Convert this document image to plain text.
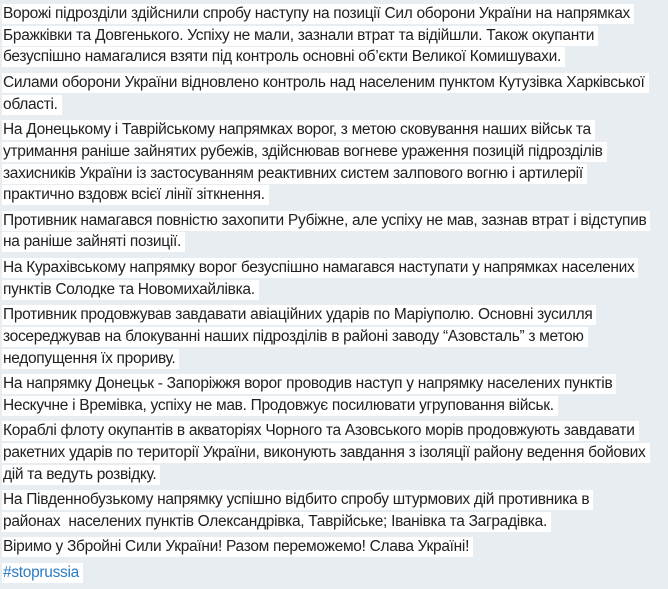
Ворожі підрозділи здійснили спробу наступу на позиції Сил оборони України на напрямках
Бражківки та Довгенького. Успіху не мали, зазнали втрат та відійшли. Також окупанти
безуспішно намагалися взяти під контроль основні об’єкти Великої Комишувахи.

Силами оборони України відновлено контроль над населеним пунктом Кутузівка Харківської
області.

На Донецькому і Таврійському напрямках ворог, з метою сковування наших військ та
утримання раніше зайнятих рубежів, здійснював вогневе ураження позицій підрозділів
захисників України із застосуванням реактивних систем залпового вогню і артилерії
практично вздовж всієї лінії зіткнення.

Противник намагався повністю захопити Рубіжне, але успіху не мав, зазнав втрат і відступив
на раніше зайняті позиції.

На Курахівському напрямку ворог безуспішно намагався наступати у напрямках населених
пунктів Солодке та Новомихайлівка.

Противник продовжував завдавати авіаційних ударів по Маріуполю. Основні зусилля
зосереджував на блокуванні наших підрозділів в районі заводу “Азовсталь” з метою
недопущення їх прориву.

На напрямку Донецьк - Запоріжжя ворог проводив наступ у напрямку населених пунктів
Нескучне і Времівка, успіху не мав. Продовжує посилювати угруповання військ.

Кораблі флоту окупантів в акваторіях Чорного та Азовського морів продовжують завдавати
ракетних ударів по території України, виконують завдання з ізоляції району ведення бойових
дій та ведуть розвідку.

На Південнобузькому напрямку успішно відбито спробу штурмових дій противника в
районах  населених пунктів Олександрівка, Таврійське; Іванівка та Заградівка.

Віримо у Збройні Сили України! Разом переможемо! Слава Україні!

#stoprussia
